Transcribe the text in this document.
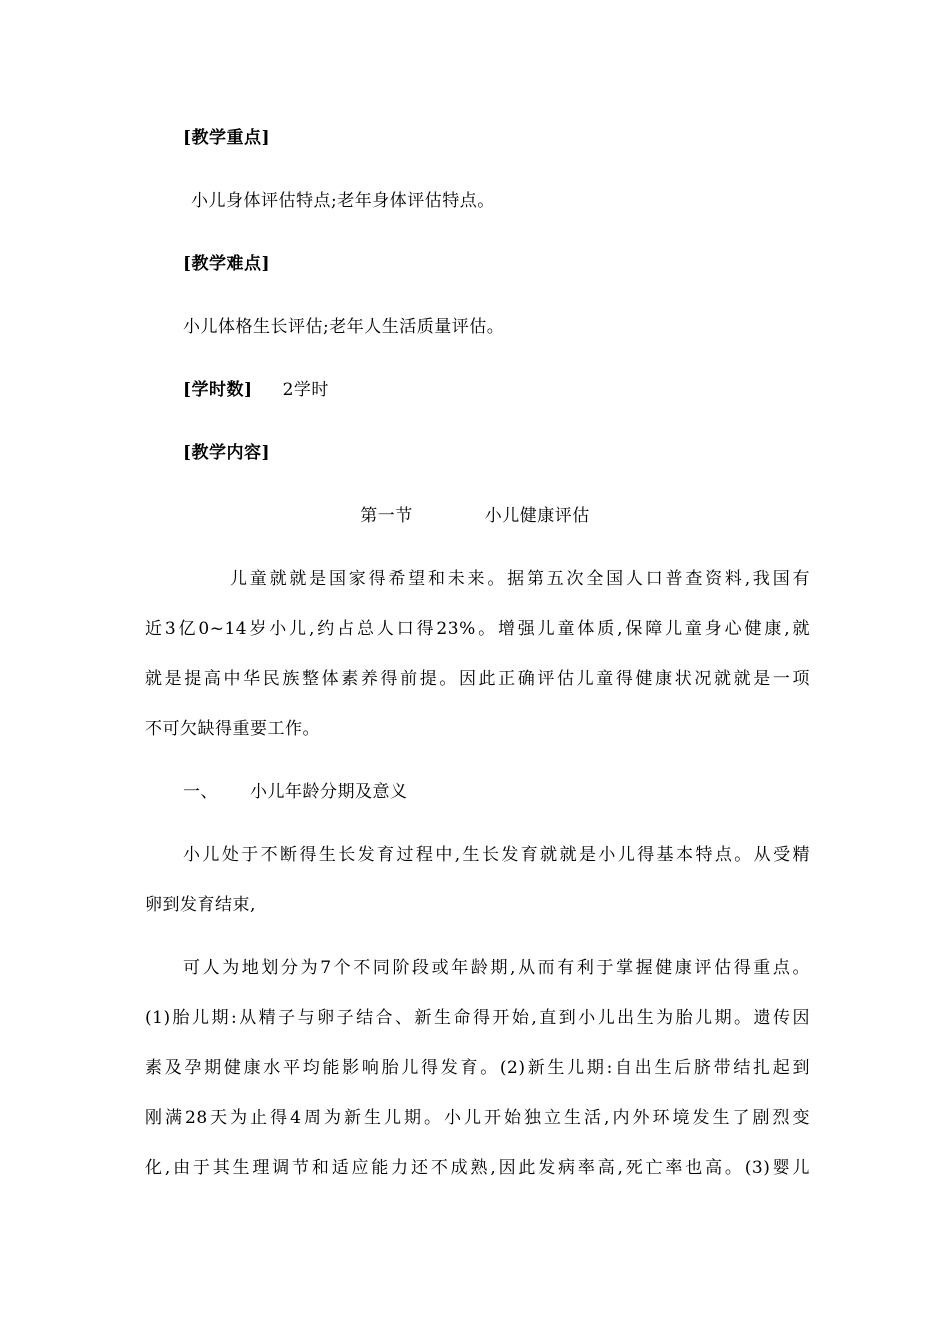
[教学重点]
小儿身体评估特点;老年身体评估特点。
[教学难点]
小儿体格生长评估;老年人生活质量评估。
[学时数] 2学时
[教学内容]
第一节	小儿健康评估
儿童就就是国家得希望和未来。据第五次全国人口普查资料,我国有
近3亿0~14岁小儿,约占总人口得23%。增强儿童体质,保障儿童身心健康,就
就是提高中华民族整体素养得前提。因此正确评估儿童得健康状况就就是一项
不可欠缺得重要工作。
一、 小儿年龄分期及意义
小儿处于不断得生长发育过程中,生长发育就就是小儿得基本特点。从受精
卵到发育结束,
可人为地划分为7个不同阶段或年龄期,从而有利于掌握健康评估得重点。
(1)胎儿期:从精子与卵子结合、新生命得开始,直到小儿出生为胎儿期。遗传因
素及孕期健康水平均能影响胎儿得发育。(2)新生儿期:自出生后脐带结扎起到
刚满28天为止得4周为新生儿期。小儿开始独立生活,内外环境发生了剧烈变
化,由于其生理调节和适应能力还不成熟,因此发病率高,死亡率也高。(3)婴儿
